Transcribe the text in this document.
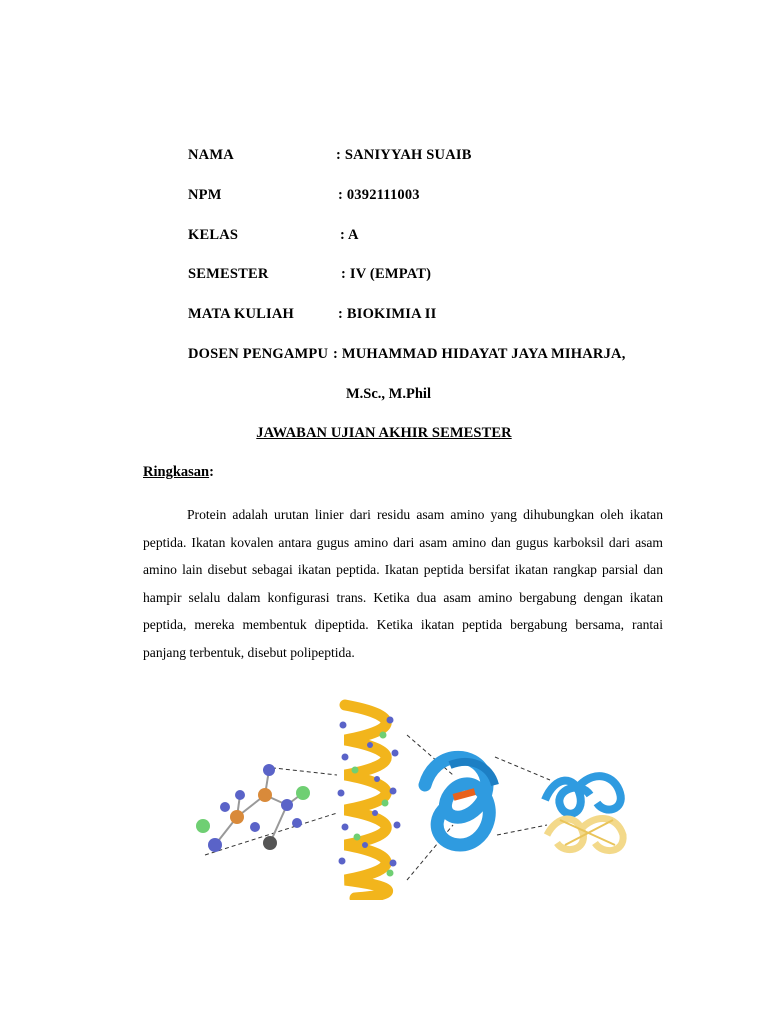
NAMA	: SANIYYAH SUAIB
NPM	: 0392111003
KELAS	: A
SEMESTER	: IV (EMPAT)
MATA KULIAH	: BIOKIMIA II
DOSEN PENGAMPU : MUHAMMAD HIDAYAT JAYA MIHARJA,
M.Sc., M.Phil
JAWABAN UJIAN AKHIR SEMESTER
Ringkasan:
Protein adalah urutan linier dari residu asam amino yang dihubungkan oleh ikatan peptida. Ikatan kovalen antara gugus amino dari asam amino dan gugus karboksil dari asam amino lain disebut sebagai ikatan peptida. Ikatan peptida bersifat ikatan rangkap parsial dan hampir selalu dalam konfigurasi trans. Ketika dua asam amino bergabung dengan ikatan peptida, mereka membentuk dipeptida. Ketika ikatan peptida bergabung bersama, rantai panjang terbentuk, disebut polipeptida.
